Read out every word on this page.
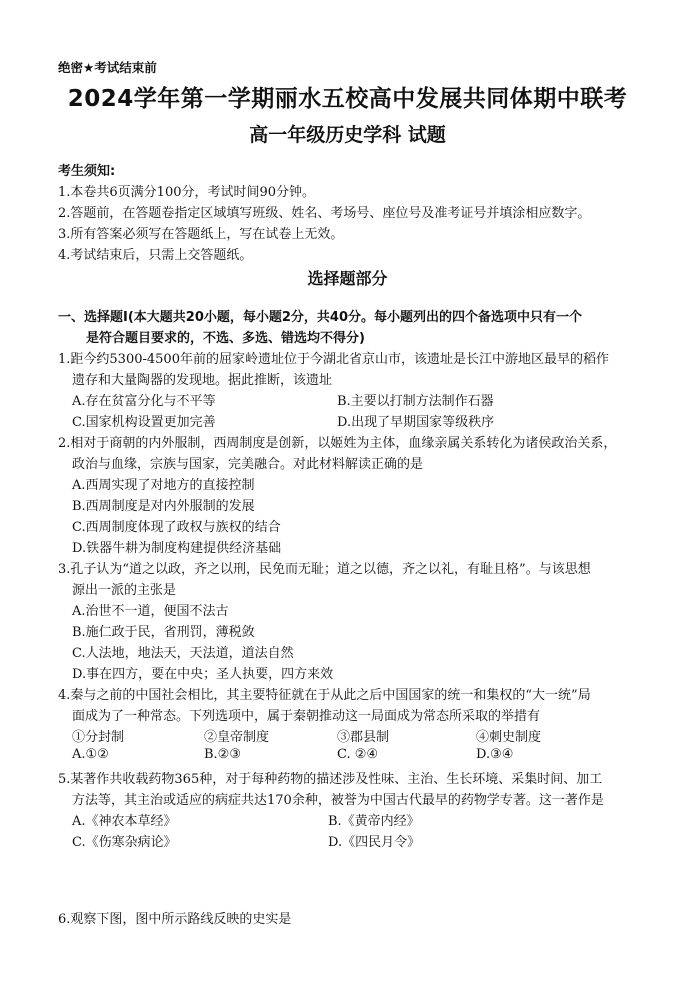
绝密★考试结束前
2024学年第一学期丽水五校高中发展共同体期中联考
高一年级历史学科 试题
考生须知:
1.本卷共6页满分100分，考试时间90分钟。
2.答题前，在答题卷指定区域填写班级、姓名、考场号、座位号及准考证号并填涂相应数字。
3.所有答案必须写在答题纸上，写在试卷上无效。
4.考试结束后，只需上交答题纸。
选择题部分
一、选择题Ⅰ(本大题共20小题，每小题2分，共40分。每小题列出的四个备选项中只有一个
是符合题目要求的，不选、多选、错选均不得分)
1.距今约5300-4500年前的屈家岭遗址位于今湖北省京山市，该遗址是长江中游地区最早的稻作
遗存和大量陶器的发现地。据此推断，该遗址
A.存在贫富分化与不平等	B.主要以打制方法制作石器
C.国家机构设置更加完善	D.出现了早期国家等级秩序
2.相对于商朝的内外服制，西周制度是创新，以姬姓为主体，血缘亲属关系转化为诸侯政治关系，
政治与血缘，宗族与国家，完美融合。对此材料解读正确的是
A.西周实现了对地方的直接控制
B.西周制度是对内外服制的发展
C.西周制度体现了政权与族权的结合
D.铁器牛耕为制度构建提供经济基础
3.孔子认为“道之以政，齐之以刑，民免而无耻；道之以德，齐之以礼，有耻且格”。与该思想
源出一派的主张是
A.治世不一道，便国不法古
B.施仁政于民，省刑罚，薄税敛
C.人法地，地法天，天法道，道法自然
D.事在四方，要在中央；圣人执要，四方来效
4.秦与之前的中国社会相比，其主要特征就在于从此之后中国国家的统一和集权的“大一统”局
面成为了一种常态。下列选项中，属于秦朝推动这一局面成为常态所采取的举措有
①分封制	②皇帝制度	③郡县制	④刺史制度
A.①②	B.②③	C. ②④	D.③④
5.某著作共收载药物365种，对于每种药物的描述涉及性味、主治、生长环境、采集时间、加工
方法等，其主治或适应的病症共达170余种，被誉为中国古代最早的药物学专著。这一著作是
A.《神农本草经》	B.《黄帝内经》
C.《伤寒杂病论》	D.《四民月令》
6.观察下图，图中所示路线反映的史实是
